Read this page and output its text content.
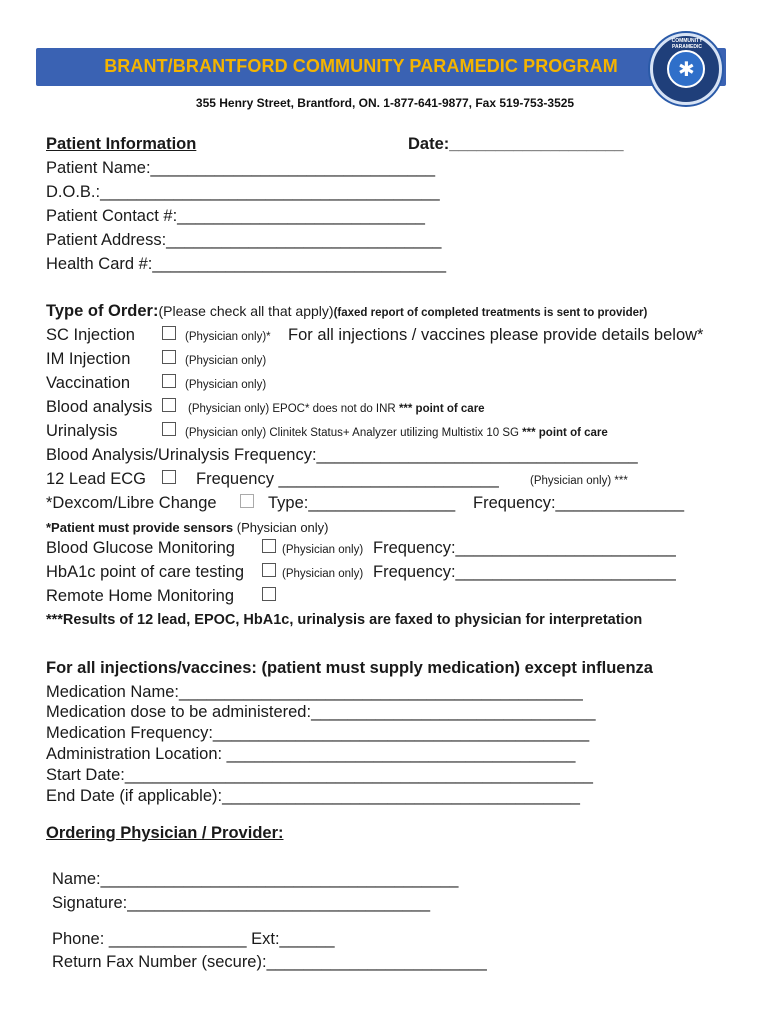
BRANT/BRANTFORD COMMUNITY PARAMEDIC PROGRAM
COMMUNITY PARAMEDIC
✱
355 Henry Street, Brantford, ON. 1-877-641-9877, Fax 519-753-3525
Patient Information	Date:___________________
Patient Name:_______________________________
D.O.B.:_____________________________________
Patient Contact #:___________________________
Patient Address:______________________________
Health Card #:________________________________
Type of Order:(Please check all that apply)(faxed report of completed treatments is sent to provider)
SC Injection	(Physician only)* For all injections / vaccines please provide details below*
IM Injection	(Physician only)
Vaccination	(Physician only)
Blood analysis	(Physician only) EPOC* does not do INR *** point of care
Urinalysis	(Physician only) Clinitek Status+ Analyzer utilizing Multistix 10 SG *** point of care
Blood Analysis/Urinalysis Frequency:___________________________________
12 Lead ECG	Frequency ________________________	(Physician only) ***
*Dexcom/Libre Change	Type:________________ Frequency:______________
*Patient must provide sensors (Physician only)
Blood Glucose Monitoring	(Physician only) Frequency:________________________
HbA1c point of care testing	(Physician only) Frequency:________________________
Remote Home Monitoring
***Results of 12 lead, EPOC, HbA1c, urinalysis are faxed to physician for interpretation
For all injections/vaccines: (patient must supply medication) except influenza
Medication Name:____________________________________________
Medication dose to be administered:_______________________________
Medication Frequency:_________________________________________
Administration Location: ______________________________________
Start Date:___________________________________________________
End Date (if applicable):_______________________________________
Ordering Physician / Provider:
Name:_______________________________________
Signature:_________________________________
Phone: _______________ Ext:______
Return Fax Number (secure):________________________
